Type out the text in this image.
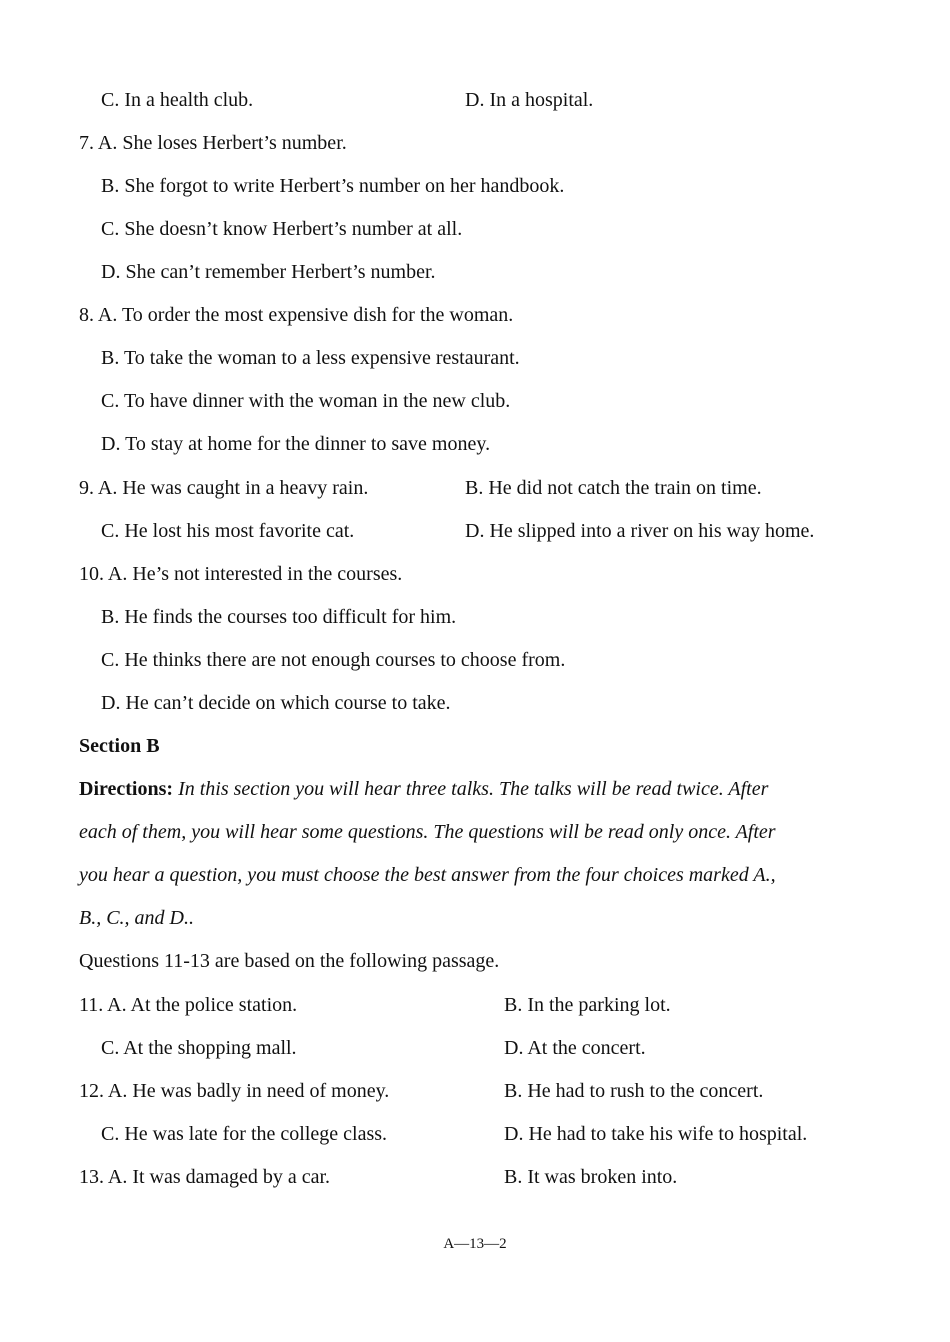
C. In a health club.	D. In a hospital.
7. A. She loses Herbert’s number.
B. She forgot to write Herbert’s number on her handbook.
C. She doesn’t know Herbert’s number at all.
D. She can’t remember Herbert’s number.
8. A. To order the most expensive dish for the woman.
B. To take the woman to a less expensive restaurant.
C. To have dinner with the woman in the new club.
D. To stay at home for the dinner to save money.
9. A. He was caught in a heavy rain.	B. He did not catch the train on time.
C. He lost his most favorite cat.	D. He slipped into a river on his way home.
10. A. He’s not interested in the courses.
B. He finds the courses too difficult for him.
C. He thinks there are not enough courses to choose from.
D. He can’t decide on which course to take.
Section B
Directions: In this section you will hear three talks. The talks will be read twice. After
each of them, you will hear some questions. The questions will be read only once. After
you hear a question, you must choose the best answer from the four choices marked A.,
B., C., and D..
Questions 11-13 are based on the following passage.
11. A. At the police station.	B. In the parking lot.
C. At the shopping mall.	D. At the concert.
12. A. He was badly in need of money.	B. He had to rush to the concert.
C. He was late for the college class.	D. He had to take his wife to hospital.
13. A. It was damaged by a car.	B. It was broken into.
A—13—2
